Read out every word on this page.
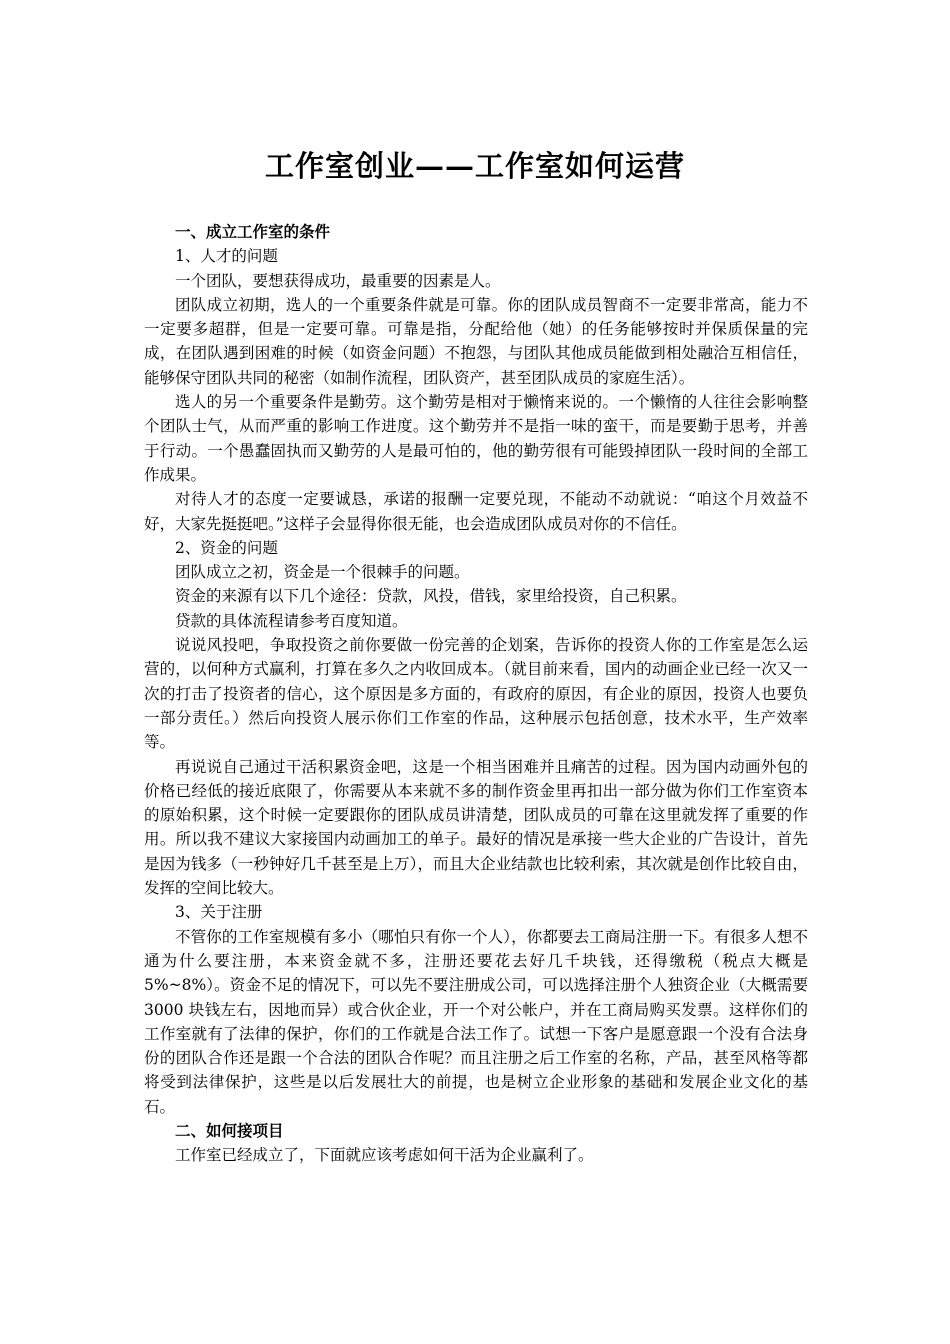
工作室创业——工作室如何运营

一、成立工作室的条件

1、人才的问题

一个团队，要想获得成功，最重要的因素是人。

团队成立初期，选人的一个重要条件就是可靠。你的团队成员智商不一定要非常高，能力不一定要多超群，但是一定要可靠。可靠是指，分配给他（她）的任务能够按时并保质保量的完成，在团队遇到困难的时候（如资金问题）不抱怨，与团队其他成员能做到相处融洽互相信任，能够保守团队共同的秘密（如制作流程，团队资产，甚至团队成员的家庭生活）。

选人的另一个重要条件是勤劳。这个勤劳是相对于懒惰来说的。一个懒惰的人往往会影响整个团队士气，从而严重的影响工作进度。这个勤劳并不是指一味的蛮干，而是要勤于思考，并善于行动。一个愚蠢固执而又勤劳的人是最可怕的，他的勤劳很有可能毁掉团队一段时间的全部工作成果。

对待人才的态度一定要诚恳，承诺的报酬一定要兑现，不能动不动就说：“咱这个月效益不好，大家先挺挺吧。”这样子会显得你很无能，也会造成团队成员对你的不信任。

2、资金的问题

团队成立之初，资金是一个很棘手的问题。

资金的来源有以下几个途径：贷款，风投，借钱，家里给投资，自己积累。

贷款的具体流程请参考百度知道。

说说风投吧，争取投资之前你要做一份完善的企划案，告诉你的投资人你的工作室是怎么运营的，以何种方式赢利，打算在多久之内收回成本。（就目前来看，国内的动画企业已经一次又一次的打击了投资者的信心，这个原因是多方面的，有政府的原因，有企业的原因，投资人也要负一部分责任。）然后向投资人展示你们工作室的作品，这种展示包括创意，技术水平，生产效率等。

再说说自己通过干活积累资金吧，这是一个相当困难并且痛苦的过程。因为国内动画外包的价格已经低的接近底限了，你需要从本来就不多的制作资金里再扣出一部分做为你们工作室资本的原始积累，这个时候一定要跟你的团队成员讲清楚，团队成员的可靠在这里就发挥了重要的作用。所以我不建议大家接国内动画加工的单子。最好的情况是承接一些大企业的广告设计，首先是因为钱多（一秒钟好几千甚至是上万），而且大企业结款也比较利索，其次就是创作比较自由，发挥的空间比较大。

3、关于注册

不管你的工作室规模有多小（哪怕只有你一个人），你都要去工商局注册一下。有很多人想不通为什么要注册，本来资金就不多，注册还要花去好几千块钱，还得缴税（税点大概是 5%~8%）。资金不足的情况下，可以先不要注册成公司，可以选择注册个人独资企业（大概需要 3000 块钱左右，因地而异）或合伙企业，开一个对公帐户，并在工商局购买发票。这样你们的工作室就有了法律的保护，你们的工作就是合法工作了。试想一下客户是愿意跟一个没有合法身份的团队合作还是跟一个合法的团队合作呢？而且注册之后工作室的名称，产品，甚至风格等都将受到法律保护，这些是以后发展壮大的前提，也是树立企业形象的基础和发展企业文化的基石。

二、如何接项目

工作室已经成立了，下面就应该考虑如何干活为企业赢利了。
